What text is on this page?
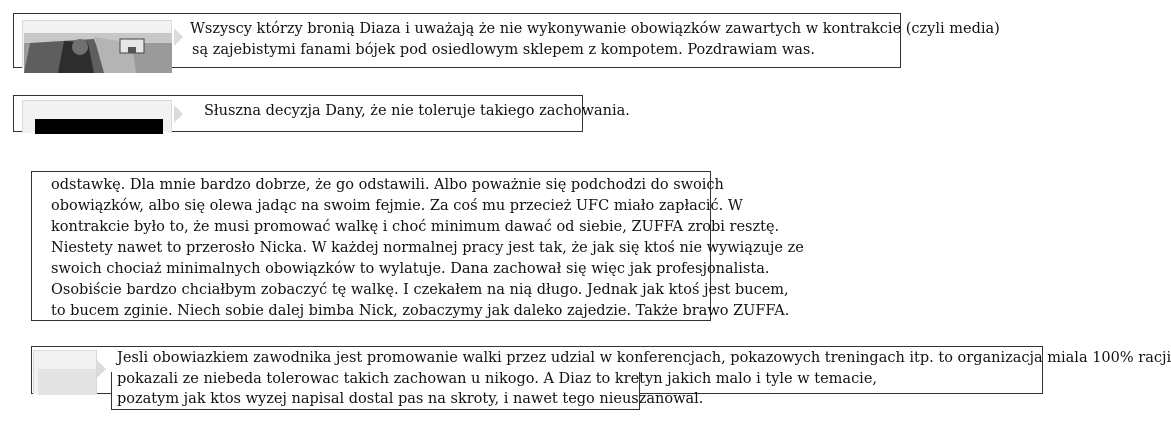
Wszyscy którzy bronią Diaza i uważają że nie wykonywanie obowiązków zawartych w kontrakcie (czyli media)
są zajebistymi fanami bójek pod osiedlowym sklepem z kompotem. Pozdrawiam was.
Słuszna decyzja Dany, że nie toleruje takiego zachowania.
odstawkę. Dla mnie bardzo dobrze, że go odstawili. Albo poważnie się podchodzi do swoich
obowiązków, albo się olewa jadąc na swoim fejmie. Za coś mu przecież UFC miało zapłacić. W
kontrakcie było to, że musi promować walkę i choć minimum dawać od siebie, ZUFFA zrobi resztę.
Niestety nawet to przerosło Nicka. W każdej normalnej pracy jest tak, że jak się ktoś nie wywiązuje ze
swoich chociaż minimalnych obowiązków to wylatuje. Dana zachował się więc jak profesjonalista.
Osobiście bardzo chciałbym zobaczyć tę walkę. I czekałem na nią długo. Jednak jak ktoś jest bucem,
to bucem zginie. Niech sobie dalej bimba Nick, zobaczymy jak daleko zajedzie. Także brawo ZUFFA.
Jesli obowiazkiem zawodnika jest promowanie walki przez udzial w konferencjach, pokazowych treningach itp. to organizacja miala 100% racji
pokazali ze niebeda tolerowac takich zachowan u nikogo. A Diaz to kretyn jakich malo i tyle w temacie,
pozatym jak ktos wyzej napisal dostal pas na skroty, i nawet tego nieuszanowal.
